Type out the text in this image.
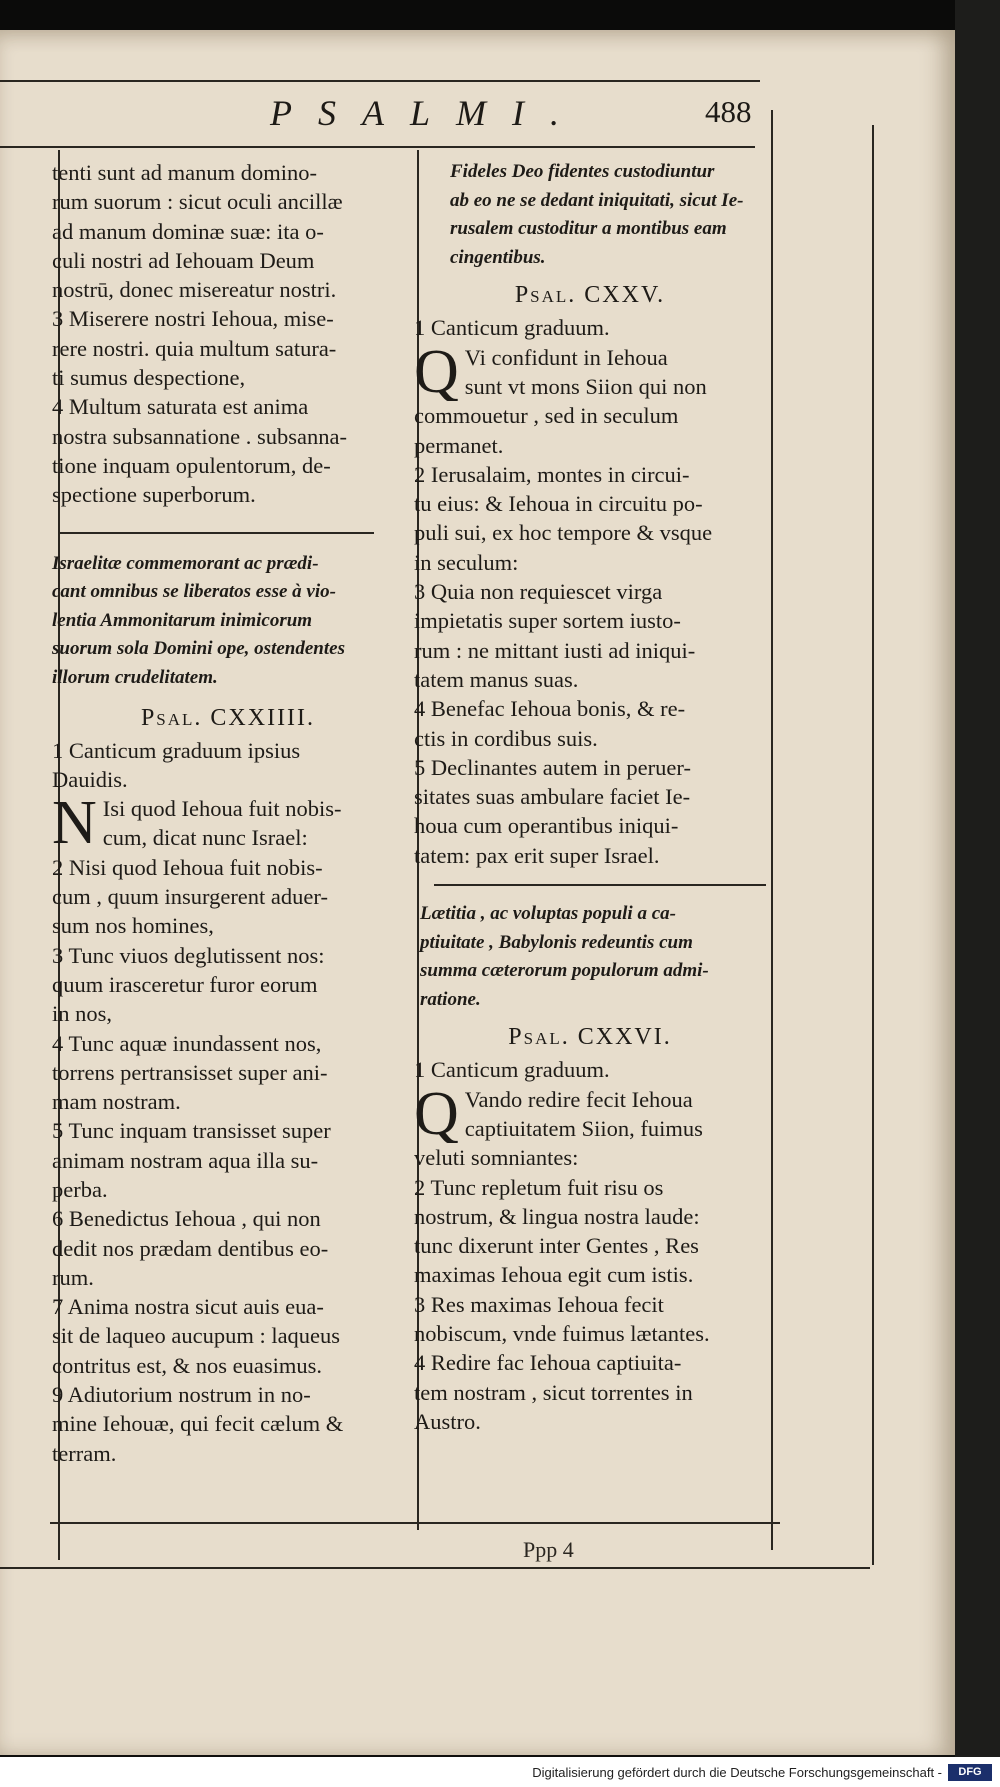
PSALMI.	488

tenti sunt ad manum domino-

rum suorum : sicut oculi ancillæ

ad manum dominæ suæ: ita o-

culi nostri ad Iehouam Deum

nostrū, donec misereatur nostri.

3 Miserere nostri Iehoua, mise-

rere nostri. quia multum satura-

ti sumus despectione,

4 Multum saturata est anima

nostra subsannatione . subsanna-

tione inquam opulentorum, de-

spectione superborum.

Israelitæ commemorant ac prædi-

cant omnibus se liberatos esse à vio-

lentia Ammonitarum inimicorum

suorum sola Domini ope, ostendentes

illorum crudelitatem.

Psal. CXXIIII.

1 Canticum graduum ipsius

Dauidis.

N Isi quod Iehoua fuit nobis-

cum, dicat nunc Israel:

2 Nisi quod Iehoua fuit nobis-

cum , quum insurgerent aduer-

sum nos homines,

3 Tunc viuos deglutissent nos:

quum irasceretur furor eorum

in nos,

4 Tunc aquæ inundassent nos,

torrens pertransisset super ani-

mam nostram.

5 Tunc inquam transisset super

animam nostram aqua illa su-

perba.

6 Benedictus Iehoua , qui non

dedit nos prædam dentibus eo-

rum.

7 Anima nostra sicut auis eua-

sit de laqueo aucupum : laqueus

contritus est, & nos euasimus.

9 Adiutorium nostrum in no-

mine Iehouæ, qui fecit cælum &

terram.

Fideles Deo fidentes custodiuntur

ab eo ne se dedant iniquitati, sicut Ie-

rusalem custoditur a montibus eam

cingentibus.

Psal. CXXV.

1 Canticum graduum.

Q Vi confidunt in Iehoua

sunt vt mons Siion qui non

commouetur , sed in seculum

permanet.

2 Ierusalaim, montes in circui-

tu eius: & Iehoua in circuitu po-

puli sui, ex hoc tempore & vsque

in seculum:

3 Quia non requiescet virga

impietatis super sortem iusto-

rum : ne mittant iusti ad iniqui-

tatem manus suas.

4 Benefac Iehoua bonis, & re-

ctis in cordibus suis.

5 Declinantes autem in peruer-

sitates suas ambulare faciet Ie-

houa cum operantibus iniqui-

tatem: pax erit super Israel.

Lætitia , ac voluptas populi a ca-

ptiuitate , Babylonis redeuntis cum

summa cæterorum populorum admi-

ratione.

Psal. CXXVI.

1 Canticum graduum.

Q Vando redire fecit Iehoua

captiuitatem Siion, fuimus

veluti somniantes:

2 Tunc repletum fuit risu os

nostrum, & lingua nostra laude:

tunc dixerunt inter Gentes , Res

maximas Iehoua egit cum istis.

3 Res maximas Iehoua fecit

nobiscum, vnde fuimus lætantes.

4 Redire fac Iehoua captiuita-

tem nostram , sicut torrentes in

Austro.

Ppp 4
Digitalisierung gefördert durch die Deutsche Forschungsgemeinschaft -	DFG
